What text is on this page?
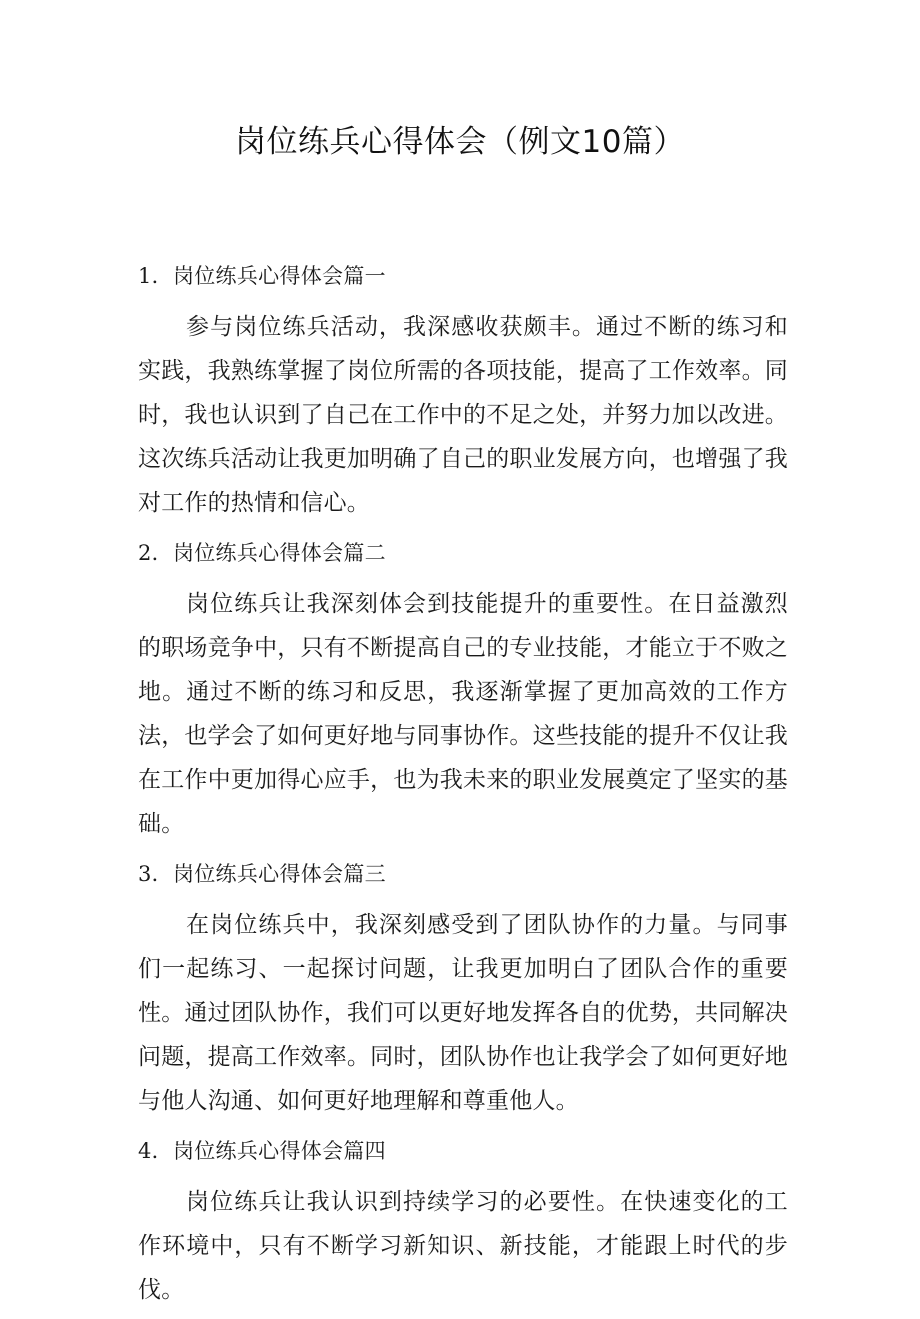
岗位练兵心得体会（例文10篇）

1．岗位练兵心得体会篇一

参与岗位练兵活动，我深感收获颇丰。通过不断的练习和实践，我熟练掌握了岗位所需的各项技能，提高了工作效率。同时，我也认识到了自己在工作中的不足之处，并努力加以改进。这次练兵活动让我更加明确了自己的职业发展方向，也增强了我对工作的热情和信心。

2．岗位练兵心得体会篇二

岗位练兵让我深刻体会到技能提升的重要性。在日益激烈的职场竞争中，只有不断提高自己的专业技能，才能立于不败之地。通过不断的练习和反思，我逐渐掌握了更加高效的工作方法，也学会了如何更好地与同事协作。这些技能的提升不仅让我在工作中更加得心应手，也为我未来的职业发展奠定了坚实的基础。

3．岗位练兵心得体会篇三

在岗位练兵中，我深刻感受到了团队协作的力量。与同事们一起练习、一起探讨问题，让我更加明白了团队合作的重要性。通过团队协作，我们可以更好地发挥各自的优势，共同解决问题，提高工作效率。同时，团队协作也让我学会了如何更好地与他人沟通、如何更好地理解和尊重他人。

4．岗位练兵心得体会篇四

岗位练兵让我认识到持续学习的必要性。在快速变化的工作环境中，只有不断学习新知识、新技能，才能跟上时代的步伐。
